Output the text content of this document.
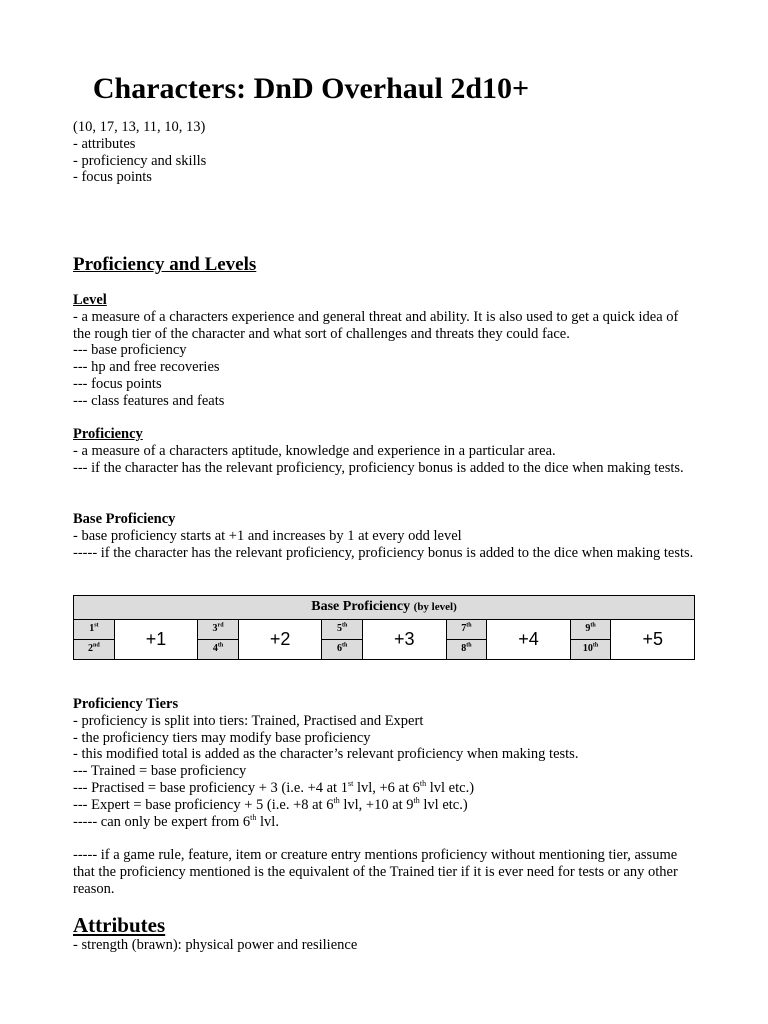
Characters: DnD Overhaul 2d10+
(10, 17, 13, 11, 10, 13)
- attributes
- proficiency and skills
- focus points
Proficiency and Levels
Level
- a measure of a characters experience and general threat and ability. It is also used to get a quick idea of the rough tier of the character and what sort of challenges and threats they could face.
--- base proficiency
--- hp and free recoveries
--- focus points
--- class features and feats
Proficiency
- a measure of a characters aptitude, knowledge and experience in a particular area.
--- if the character has the relevant proficiency, proficiency bonus is added to the dice when making tests.
Base Proficiency
- base proficiency starts at +1 and increases by 1 at every odd level
----- if the character has the relevant proficiency, proficiency bonus is added to the dice when making tests.
Base Proficiency (by level)									
1st	+1	3rd	+2	5th	+3	7th	+4	9th	+5
2nd		4th		6th		8th		10th
Proficiency Tiers
- proficiency is split into tiers: Trained, Practised and Expert
- the proficiency tiers may modify base proficiency
- this modified total is added as the character’s relevant proficiency when making tests.
--- Trained = base proficiency
--- Practised = base proficiency + 3 (i.e. +4 at 1st lvl, +6 at 6th lvl etc.)
--- Expert = base proficiency + 5 (i.e. +8 at 6th lvl, +10 at 9th lvl etc.)
----- can only be expert from 6th lvl.
----- if a game rule, feature, item or creature entry mentions proficiency without mentioning tier, assume that the proficiency mentioned is the equivalent of the Trained tier if it is ever need for tests or any other reason.
Attributes
- strength (brawn): physical power and resilience
